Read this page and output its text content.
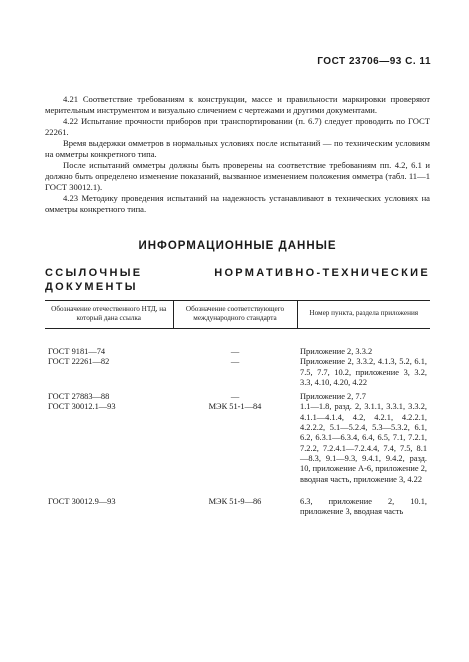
ГОСТ 23706—93 С. 11

4.21 Соответствие требованиям к конструкции, массе и правильности маркировки проверяют мерительным инструментом и визуально сличением с чертежами и другими документами.

4.22 Испытание прочности приборов при транспортировании (п. 6.7) следует проводить по ГОСТ 22261.

Время выдержки омметров в нормальных условиях после испытаний — по техническим условиям на омметры конкретного типа.

После испытаний омметры должны быть проверены на соответствие требованиям пп. 4.2, 6.1 и должно быть определено изменение показаний, вызванное изменением положения омметра (табл. 11—1 ГОСТ 30012.1).

4.23 Методику проведения испытаний на надежность устанавливают в технических условиях на омметры конкретного типа.

ИНФОРМАЦИОННЫЕ ДАННЫЕ
ССЫЛОЧНЫЕ НОРМАТИВНО-ТЕХНИЧЕСКИЕ ДОКУМЕНТЫ
Обозначение отечественного НТД, на который дана ссылка	Обозначение соответствующего международного стандарта	Номер пункта, раздела приложения
ГОСТ 9181—74	—	Приложение 2, 3.3.2
ГОСТ 22261—82	—	Приложение 2, 3.3.2, 4.1.3, 5.2, 6.1, 7.5, 7.7, 10.2, приложение 3, 3.2, 3.3, 4.10, 4.20, 4.22
ГОСТ 27883—88	—	Приложение 2, 7.7
ГОСТ 30012.1—93	МЭК 51-1—84	1.1—1.8, разд. 2, 3.1.1, 3.3.1, 3.3.2, 4.1.1—4.1.4, 4.2, 4.2.1, 4.2.2.1, 4.2.2.2, 5.1—5.2.4, 5.3—5.3.2, 6.1, 6.2, 6.3.1—6.3.4, 6.4, 6.5, 7.1, 7.2.1, 7.2.2, 7.2.4.1—7.2.4.4, 7.4, 7.5, 8.1—8.3, 9.1—9.3, 9.4.1, 9.4.2, разд. 10, приложение А-6, приложение 2, вводная часть, приложение 3, 4.22
ГОСТ 30012.9—93	МЭК 51-9—86	6.3, приложение 2, 10.1, приложение 3, вводная часть
